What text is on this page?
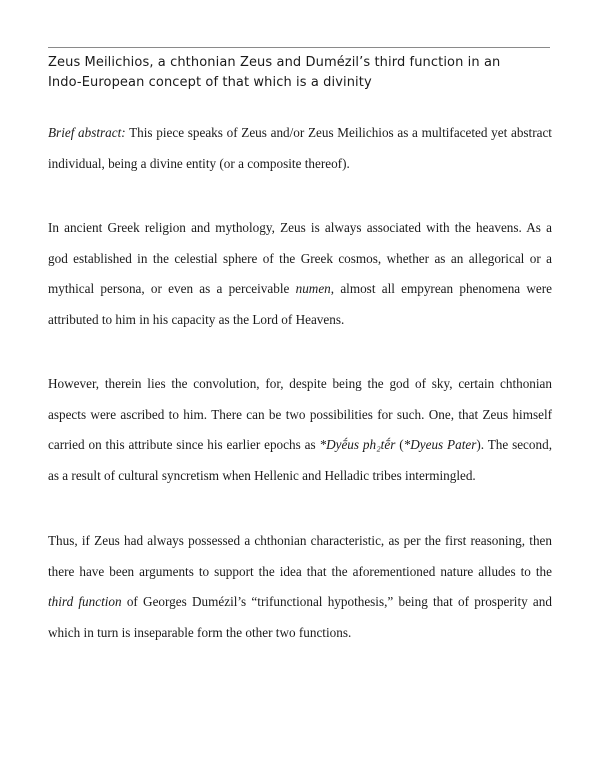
Zeus Meilichios, a chthonian Zeus and Dumézil’s third function in an
Indo-European concept of that which is a divinity

Brief abstract: This piece speaks of Zeus and/or Zeus Meilichios as a multifaceted yet abstract
individual, being a divine entity (or a composite thereof).

In ancient Greek religion and mythology, Zeus is always associated with the heavens. As a
god established in the celestial sphere of the Greek cosmos, whether as an allegorical or a
mythical persona, or even as a perceivable numen, almost all empyrean phenomena were
attributed to him in his capacity as the Lord of Heavens.

However, therein lies the convolution, for, despite being the god of sky, certain chthonian
aspects were ascribed to him. There can be two possibilities for such. One, that Zeus himself
carried on this attribute since his earlier epochs as *Dyḗus ph₂tḗr (*Dyeus Pater). The second,
as a result of cultural syncretism when Hellenic and Helladic tribes intermingled.

Thus, if Zeus had always possessed a chthonian characteristic, as per the first reasoning, then
there have been arguments to support the idea that the aforementioned nature alludes to the
third function of Georges Dumézil’s “trifunctional hypothesis,” being that of prosperity and
which in turn is inseparable form the other two functions.
